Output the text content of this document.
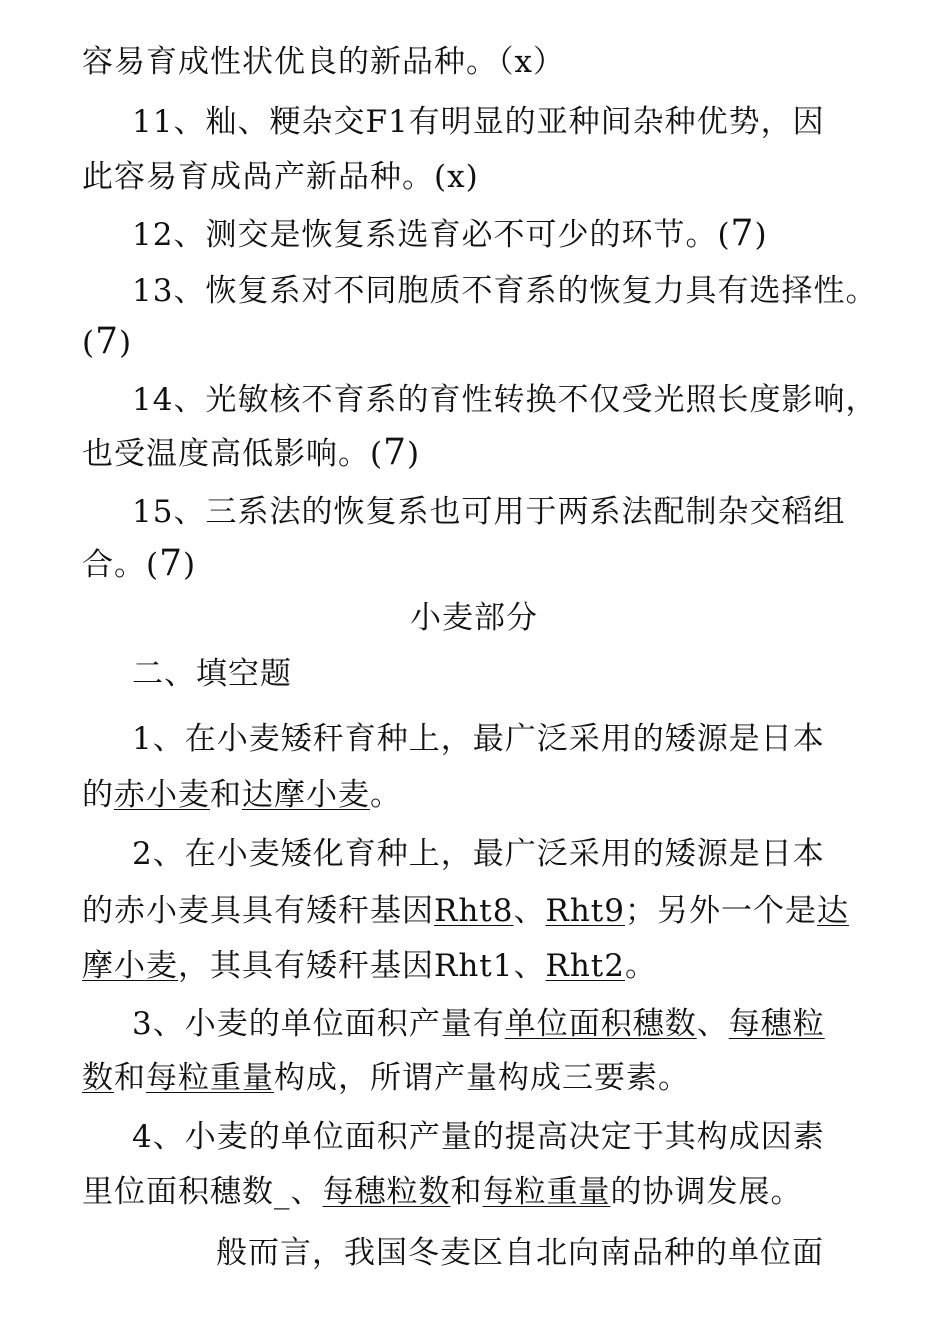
容易育成性状优良的新品种。（x）
11、籼、粳杂交F1有明显的亚种间杂种优势，因
此容易育成咼产新品种。(x)
12、测交是恢复系选育必不可少的环节。(7)
13、恢复系对不同胞质不育系的恢复力具有选择性。
(7)
14、光敏核不育系的育性转换不仅受光照长度影响，
也受温度高低影响。(7)
15、三系法的恢复系也可用于两系法配制杂交稻组
合。(7)
小麦部分
二、填空题
1、在小麦矮秆育种上，最广泛采用的矮源是日本
的赤小麦和达摩小麦。
2、在小麦矮化育种上，最广泛采用的矮源是日本
的赤小麦具具有矮秆基因Rht8、Rht9；另外一个是达
摩小麦，其具有矮秆基因Rht1、Rht2。
3、小麦的单位面积产量有单位面积穗数、每穗粒
数和每粒重量构成，所谓产量构成三要素。
4、小麦的单位面积产量的提高决定于其构成因素
里位面积穗数_、每穗粒数和每粒重量的协调发展。
般而言，我国冬麦区自北向南品种的单位面
